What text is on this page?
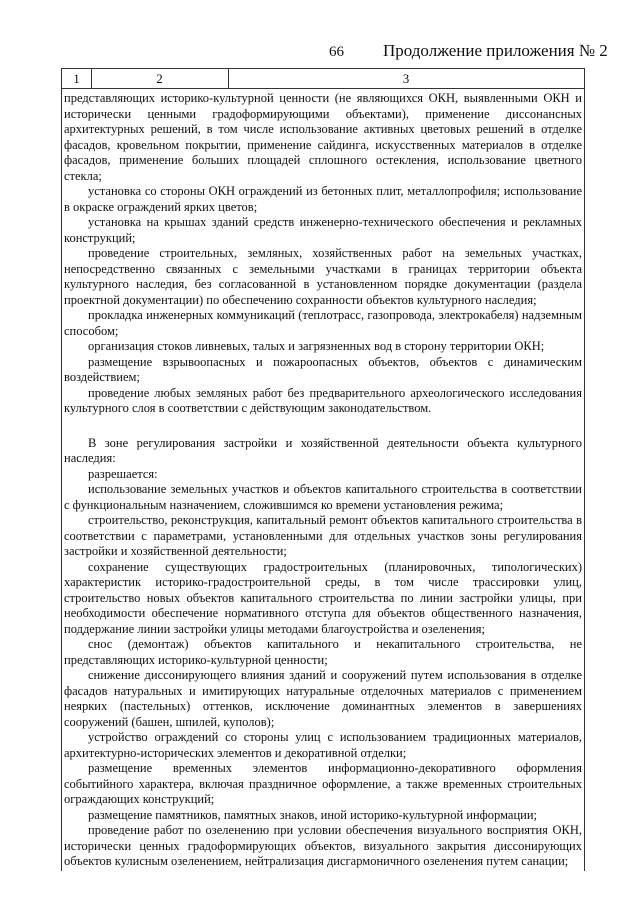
66 Продолжение приложения № 2
1	2	3

представляющих историко-культурной ценности (не являющихся ОКН, выявленными ОКН и исторически ценными градоформирующими объектами), применение диссонансных архитектурных решений, в том числе использование активных цветовых решений в отделке фасадов, кровельном покрытии, применение сайдинга, искусственных материалов в отделке фасадов, применение больших площадей сплошного остекления, использование цветного стекла;

установка со стороны ОКН ограждений из бетонных плит, металлопрофиля; использование в окраске ограждений ярких цветов;

установка на крышах зданий средств инженерно-технического обеспечения и рекламных конструкций;

проведение строительных, земляных, хозяйственных работ на земельных участках, непосредственно связанных с земельными участками в границах территории объекта культурного наследия, без согласованной в установленном порядке документации (раздела проектной документации) по обеспечению сохранности объектов культурного наследия;

прокладка инженерных коммуникаций (теплотрасс, газопровода, электрокабеля) надземным способом;

организация стоков ливневых, талых и загрязненных вод в сторону территории ОКН;

размещение взрывоопасных и пожароопасных объектов, объектов с динамическим воздействием;

проведение любых земляных работ без предварительного археологического исследования культурного слоя в соответствии с действующим законодательством.

В зоне регулирования застройки и хозяйственной деятельности объекта культурного наследия:

разрешается:

использование земельных участков и объектов капитального строительства в соответствии с функциональным назначением, сложившимся ко времени установления режима;

строительство, реконструкция, капитальный ремонт объектов капитального строительства в соответствии с параметрами, установленными для отдельных участков зоны регулирования застройки и хозяйственной деятельности;

сохранение существующих градостроительных (планировочных, типологических) характеристик историко-градостроительной среды, в том числе трассировки улиц, строительство новых объектов капитального строительства по линии застройки улицы, при необходимости обеспечение нормативного отступа для объектов общественного назначения, поддержание линии застройки улицы методами благоустройства и озеленения;

снос (демонтаж) объектов капитального и некапитального строительства, не представляющих историко-культурной ценности;

снижение диссонирующего влияния зданий и сооружений путем использования в отделке фасадов натуральных и имитирующих натуральные отделочных материалов с применением неярких (пастельных) оттенков, исключение доминантных элементов в завершениях сооружений (башен, шпилей, куполов);

устройство ограждений со стороны улиц с использованием традиционных материалов, архитектурно-исторических элементов и декоративной отделки;

размещение временных элементов информационно-декоративного оформления событийного характера, включая праздничное оформление, а также временных строительных ограждающих конструкций;

размещение памятников, памятных знаков, иной историко-культурной информации;

проведение работ по озеленению при условии обеспечения визуального восприятия ОКН, исторически ценных градоформирующих объектов, визуального закрытия диссонирующих объектов кулисным озеленением, нейтрализация дисгармоничного озеленения путем санации;
